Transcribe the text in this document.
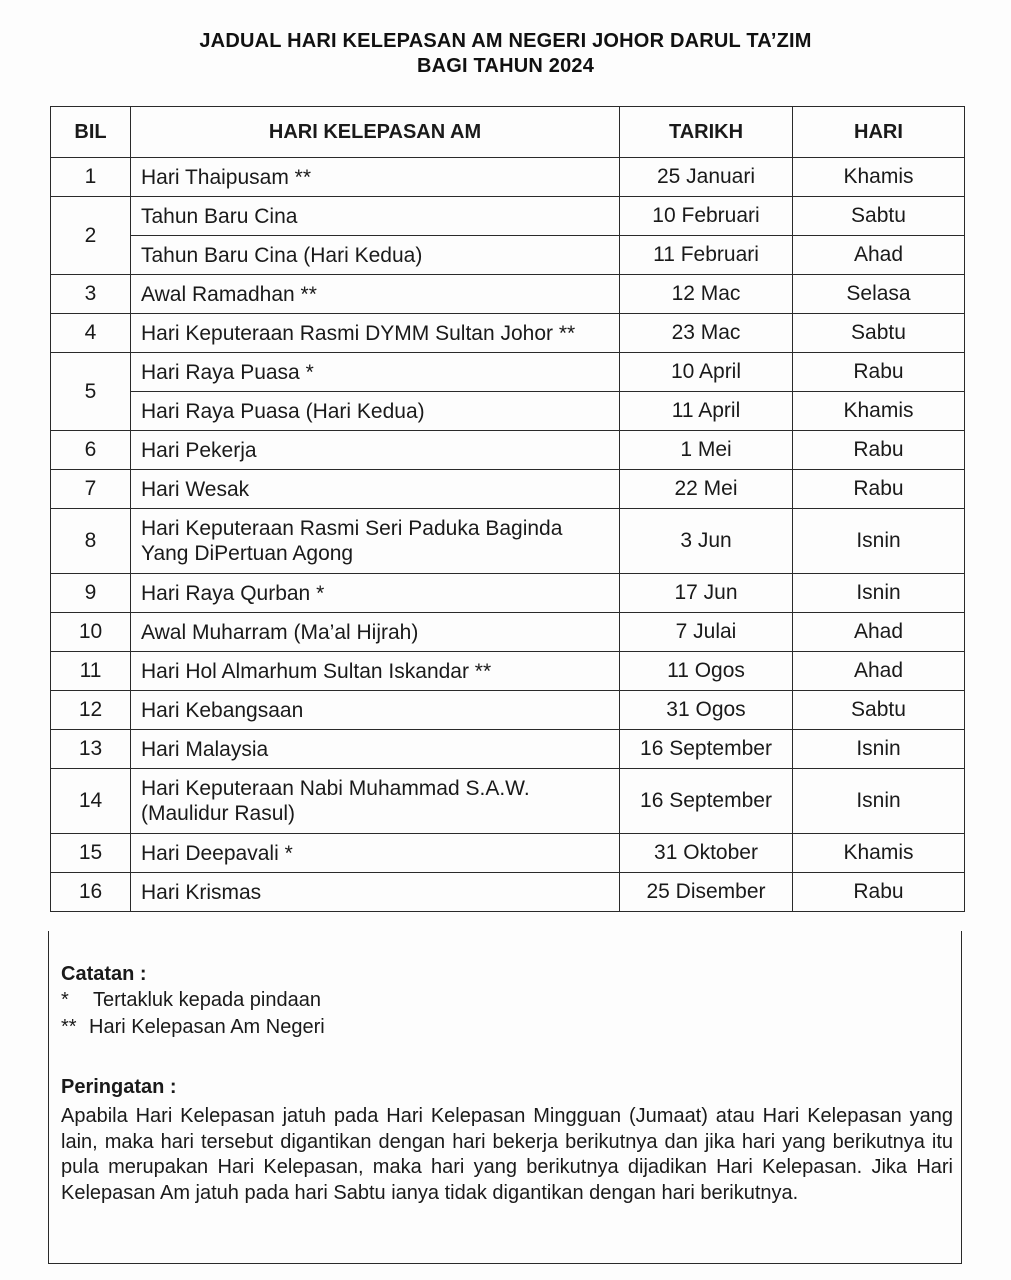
JADUAL HARI KELEPASAN AM NEGERI JOHOR DARUL TA’ZIM
BAGI TAHUN 2024
BIL	HARI KELEPASAN AM	TARIKH	HARI
1	Hari Thaipusam **	25 Januari	Khamis
2	Tahun Baru Cina	10 Februari	Sabtu
	Tahun Baru Cina (Hari Kedua)	11 Februari	Ahad
3	Awal Ramadhan **	12 Mac	Selasa
4	Hari Keputeraan Rasmi DYMM Sultan Johor **	23 Mac	Sabtu
5	Hari Raya Puasa *	10 April	Rabu
	Hari Raya Puasa (Hari Kedua)	11 April	Khamis
6	Hari Pekerja	1 Mei	Rabu
7	Hari Wesak	22 Mei	Rabu
8	Hari Keputeraan Rasmi Seri Paduka Baginda Yang DiPertuan Agong	3 Jun	Isnin
9	Hari Raya Qurban *	17 Jun	Isnin
10	Awal Muharram (Ma’al Hijrah)	7 Julai	Ahad
11	Hari Hol Almarhum Sultan Iskandar **	11 Ogos	Ahad
12	Hari Kebangsaan	31 Ogos	Sabtu
13	Hari Malaysia	16 September	Isnin
14	Hari Keputeraan Nabi Muhammad S.A.W. (Maulidur Rasul)	16 September	Isnin
15	Hari Deepavali *	31 Oktober	Khamis
16	Hari Krismas	25 Disember	Rabu
Catatan :
* Tertakluk kepada pindaan
** Hari Kelepasan Am Negeri
Peringatan :
Apabila Hari Kelepasan jatuh pada Hari Kelepasan Mingguan (Jumaat) atau Hari Kelepasan yang lain, maka hari tersebut digantikan dengan hari bekerja berikutnya dan jika hari yang berikutnya itu pula merupakan Hari Kelepasan, maka hari yang berikutnya dijadikan Hari Kelepasan. Jika Hari Kelepasan Am jatuh pada hari Sabtu ianya tidak digantikan dengan hari berikutnya.
